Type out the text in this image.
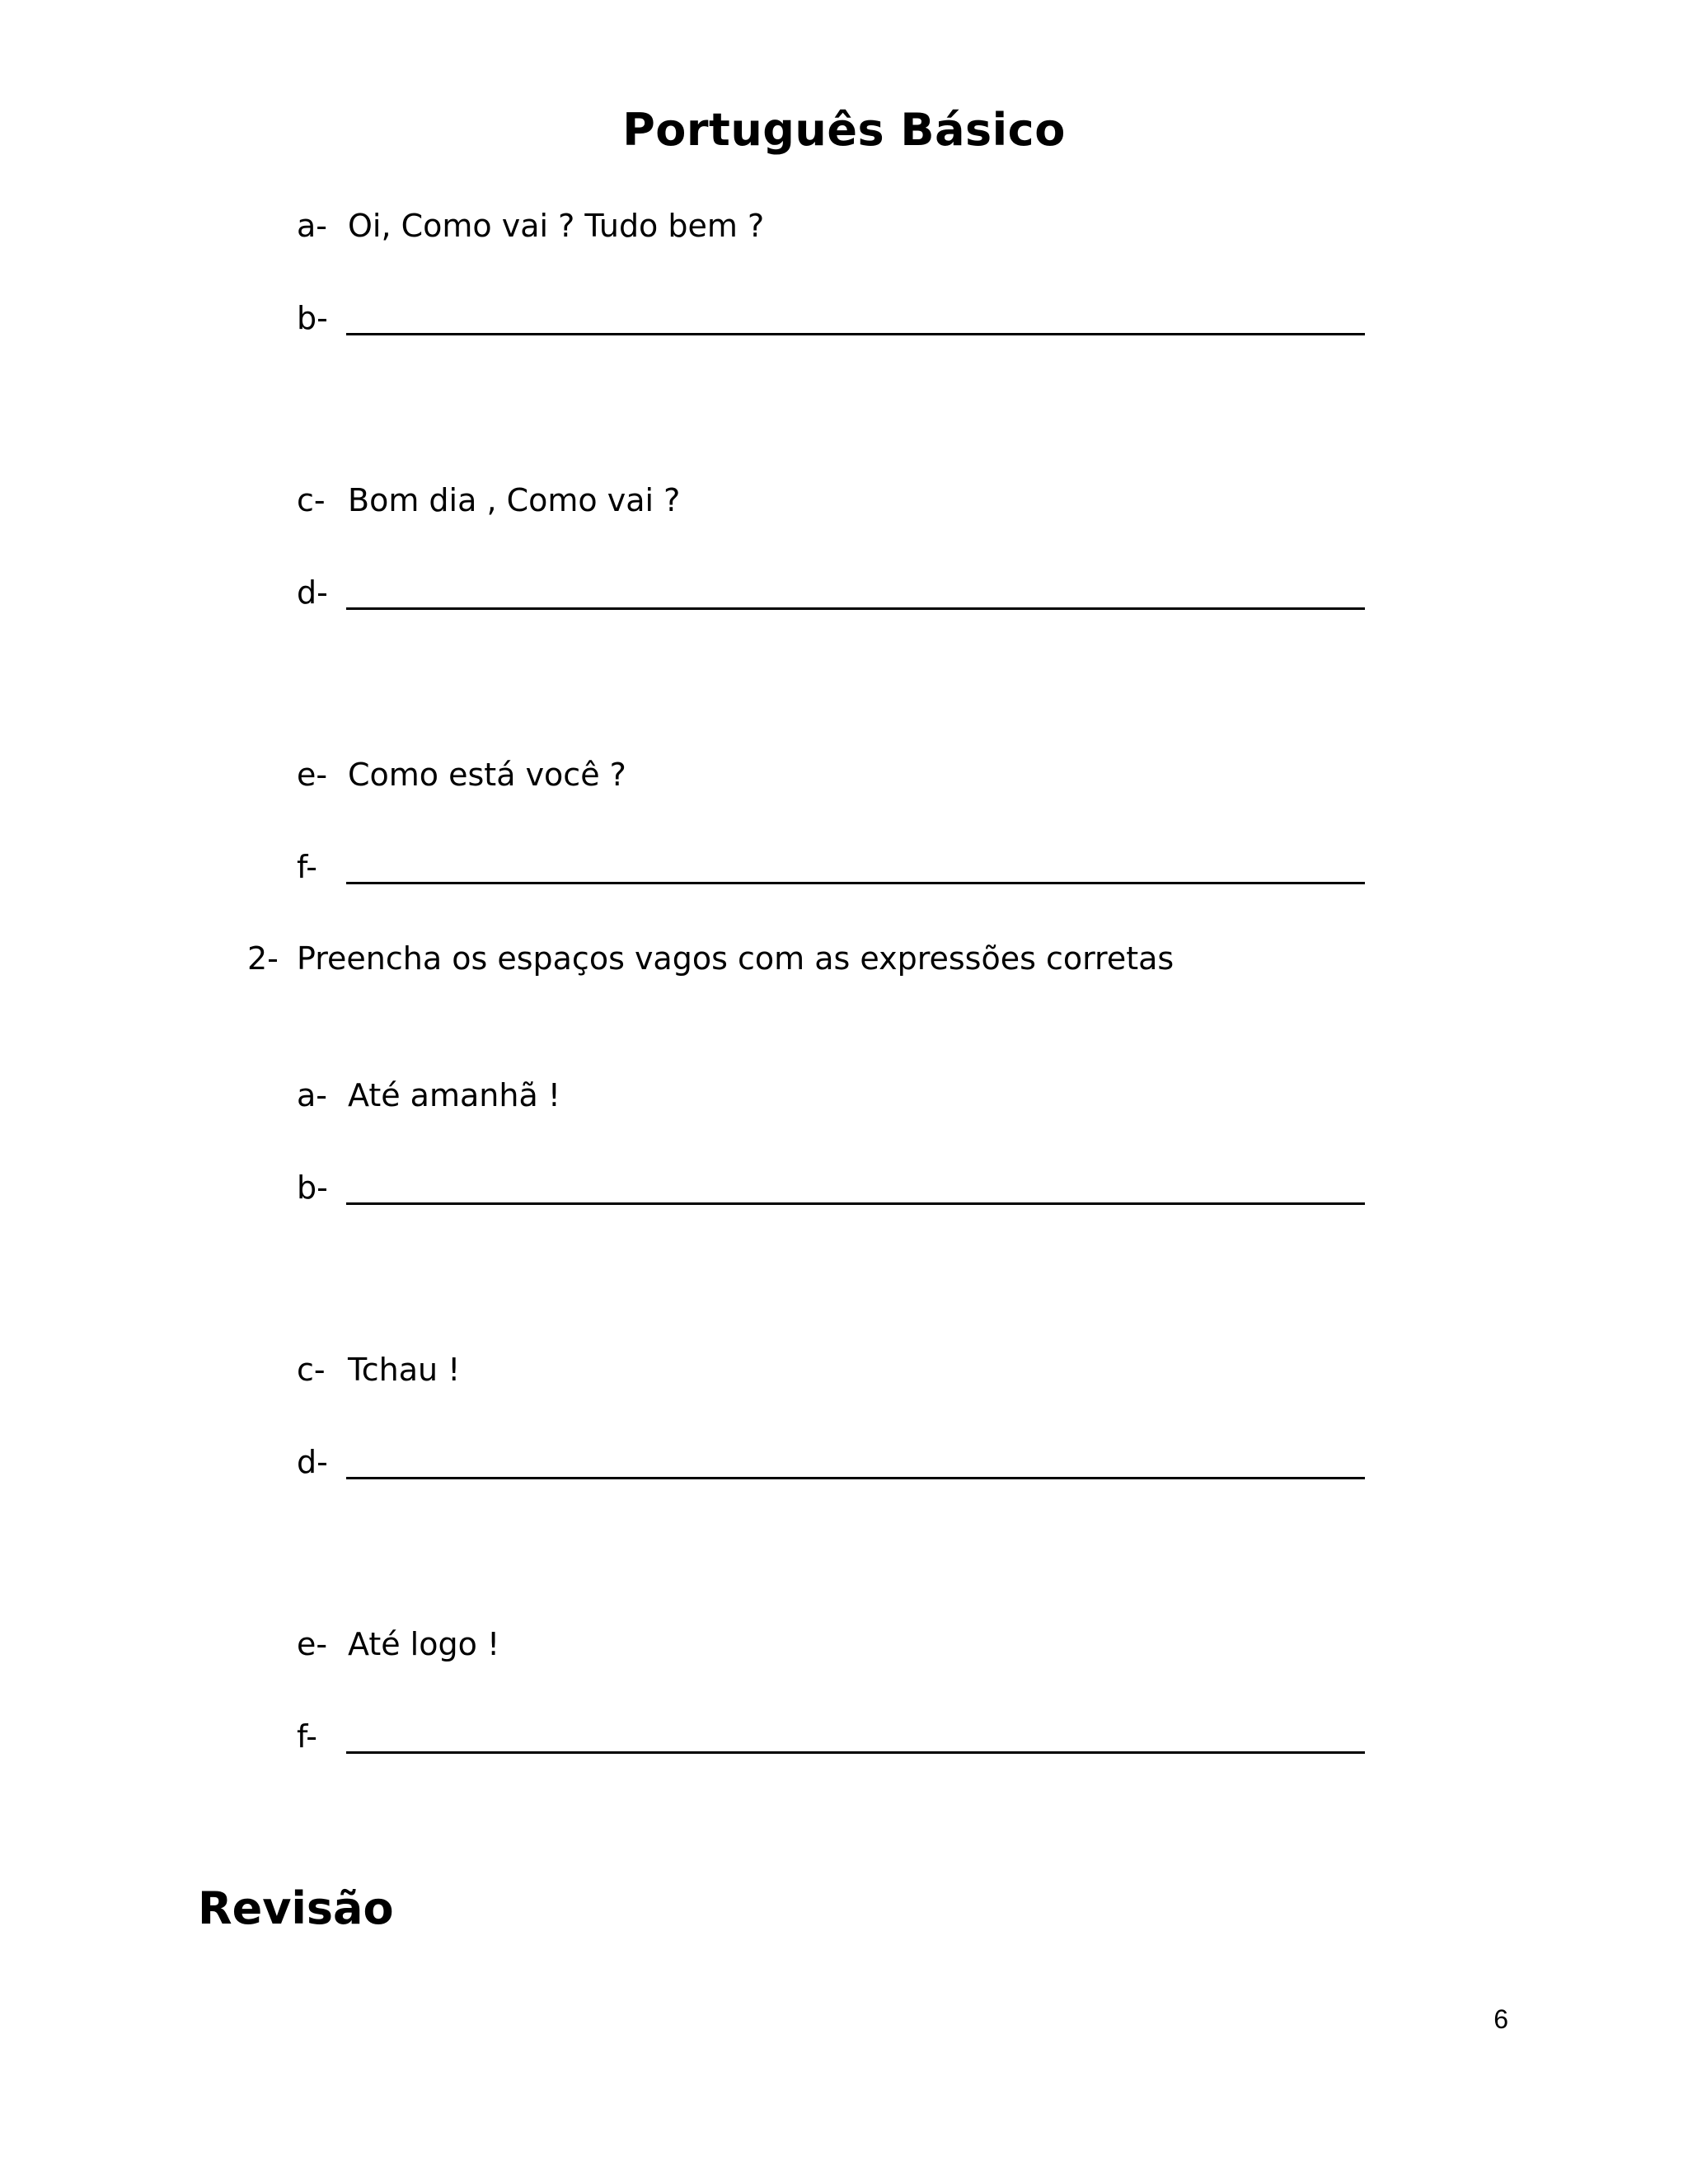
Português Básico
a- Oi, Como vai ? Tudo bem ?
b-
c- Bom dia , Como vai ?
d-
e- Como está você ?
f-
2- Preencha os espaços vagos com as expressões corretas
a- Até amanhã !
b-
c- Tchau !
d-
e- Até logo !
f-
Revisão
6
